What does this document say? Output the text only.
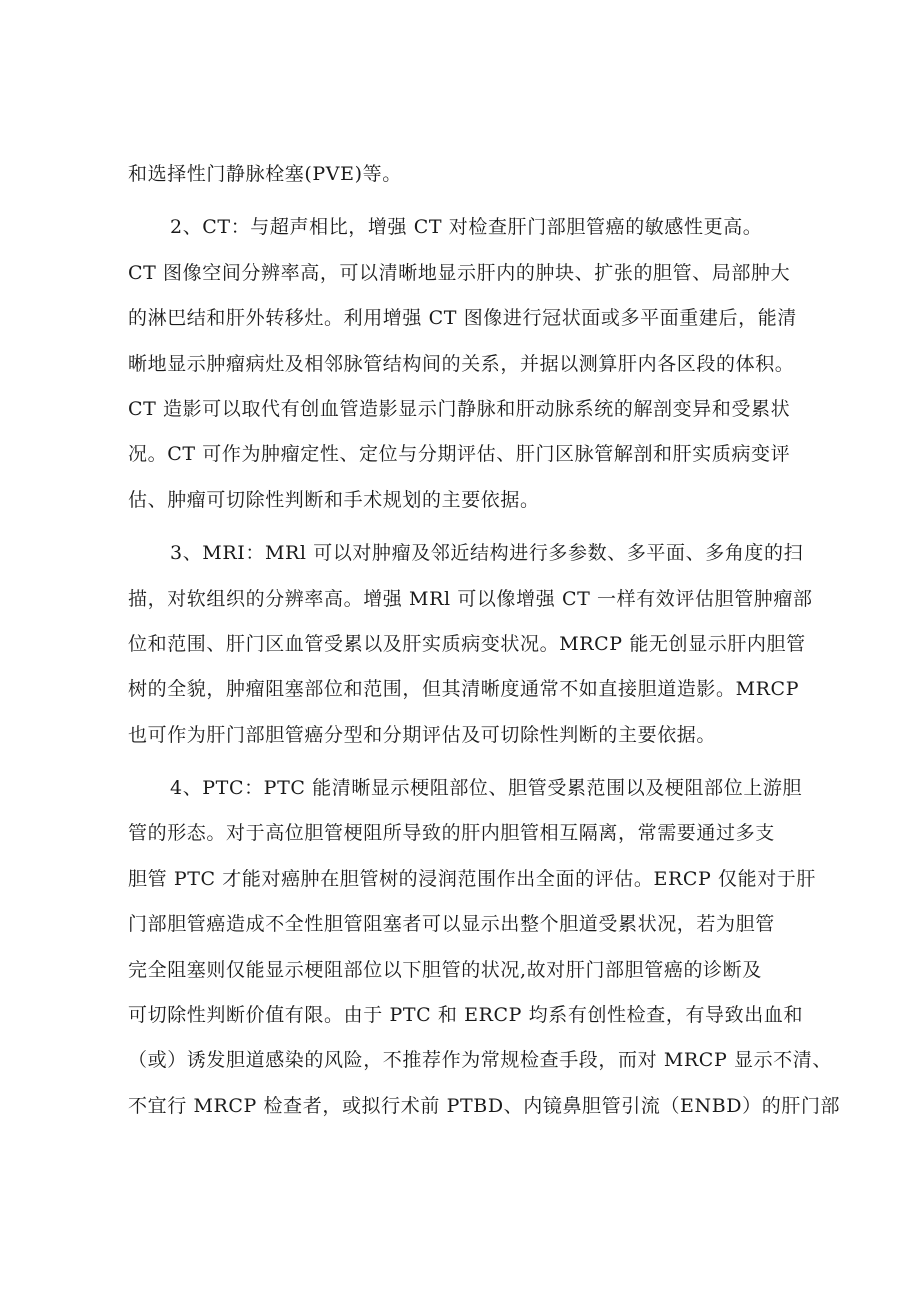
和选择性门静脉栓塞(PVE)等。
2、CT：与超声相比，增强 CT 对检查肝门部胆管癌的敏感性更高。
CT 图像空间分辨率高，可以清晰地显示肝内的肿块、扩张的胆管、局部肿大
的淋巴结和肝外转移灶。利用增强 CT 图像进行冠状面或多平面重建后，能清
晰地显示肿瘤病灶及相邻脉管结构间的关系，并据以测算肝内各区段的体积。
CT 造影可以取代有创血管造影显示门静脉和肝动脉系统的解剖变异和受累状
况。CT 可作为肿瘤定性、定位与分期评估、肝门区脉管解剖和肝实质病变评
估、肿瘤可切除性判断和手术规划的主要依据。
3、MRI：MRl 可以对肿瘤及邻近结构进行多参数、多平面、多角度的扫
描，对软组织的分辨率高。增强 MRl 可以像增强 CT 一样有效评估胆管肿瘤部
位和范围、肝门区血管受累以及肝实质病变状况。MRCP 能无创显示肝内胆管
树的全貌，肿瘤阻塞部位和范围，但其清晰度通常不如直接胆道造影。MRCP
也可作为肝门部胆管癌分型和分期评估及可切除性判断的主要依据。
4、PTC：PTC 能清晰显示梗阻部位、胆管受累范围以及梗阻部位上游胆
管的形态。对于高位胆管梗阻所导致的肝内胆管相互隔离，常需要通过多支
胆管 PTC 才能对癌肿在胆管树的浸润范围作出全面的评估。ERCP 仅能对于肝
门部胆管癌造成不全性胆管阻塞者可以显示出整个胆道受累状况，若为胆管
完全阻塞则仅能显示梗阻部位以下胆管的状况,故对肝门部胆管癌的诊断及
可切除性判断价值有限。由于 PTC 和 ERCP 均系有创性检查，有导致出血和
（或）诱发胆道感染的风险，不推荐作为常规检查手段，而对 MRCP 显示不清、
不宜行 MRCP 检查者，或拟行术前 PTBD、内镜鼻胆管引流（ENBD）的肝门部
